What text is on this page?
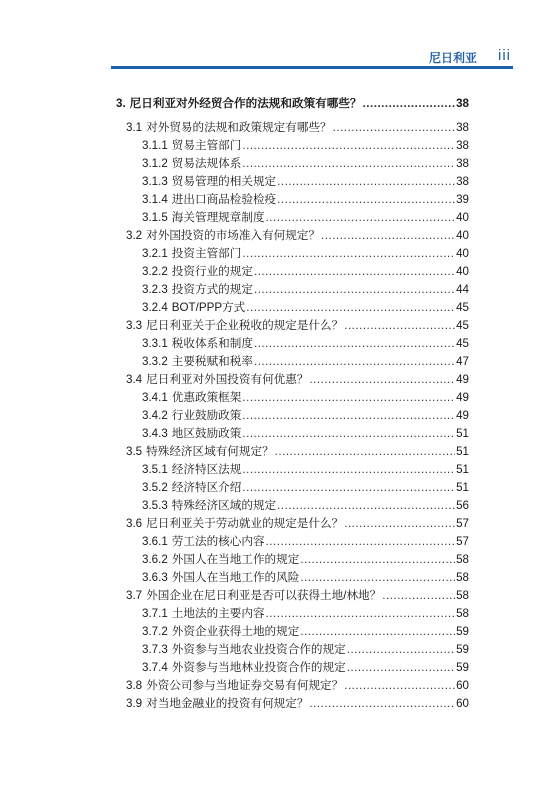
尼日利亚 iii
3. 尼日利亚对外经贸合作的法规和政策有哪些？ .....	38
3.1 对外贸易的法规和政策规定有哪些？ .....	38
3.1.1 贸易主管部门 .....	38
3.1.2 贸易法规体系 .....	38
3.1.3 贸易管理的相关规定 .....	38
3.1.4 进出口商品检验检疫 .....	39
3.1.5 海关管理规章制度 .....	40
3.2 对外国投资的市场准入有何规定？ .....	40
3.2.1 投资主管部门 .....	40
3.2.2 投资行业的规定 .....	40
3.2.3 投资方式的规定 .....	44
3.2.4 BOT/PPP方式 .....	45
3.3 尼日利亚关于企业税收的规定是什么？ .....	45
3.3.1 税收体系和制度 .....	45
3.3.2 主要税赋和税率 .....	47
3.4 尼日利亚对外国投资有何优惠？ .....	49
3.4.1 优惠政策框架 .....	49
3.4.2 行业鼓励政策 .....	49
3.4.3 地区鼓励政策 .....	51
3.5 特殊经济区域有何规定？ .....	51
3.5.1 经济特区法规 .....	51
3.5.2 经济特区介绍 .....	51
3.5.3 特殊经济区域的规定 .....	56
3.6 尼日利亚关于劳动就业的规定是什么？ .....	57
3.6.1 劳工法的核心内容 .....	57
3.6.2 外国人在当地工作的规定 .....	58
3.6.3 外国人在当地工作的风险 .....	58
3.7 外国企业在尼日利亚是否可以获得土地/林地？ .....	58
3.7.1 土地法的主要内容 .....	58
3.7.2 外资企业获得土地的规定 .....	59
3.7.3 外资参与当地农业投资合作的规定 .....	59
3.7.4 外资参与当地林业投资合作的规定 .....	59
3.8 外资公司参与当地证券交易有何规定？ .....	60
3.9 对当地金融业的投资有何规定？ .....	60
